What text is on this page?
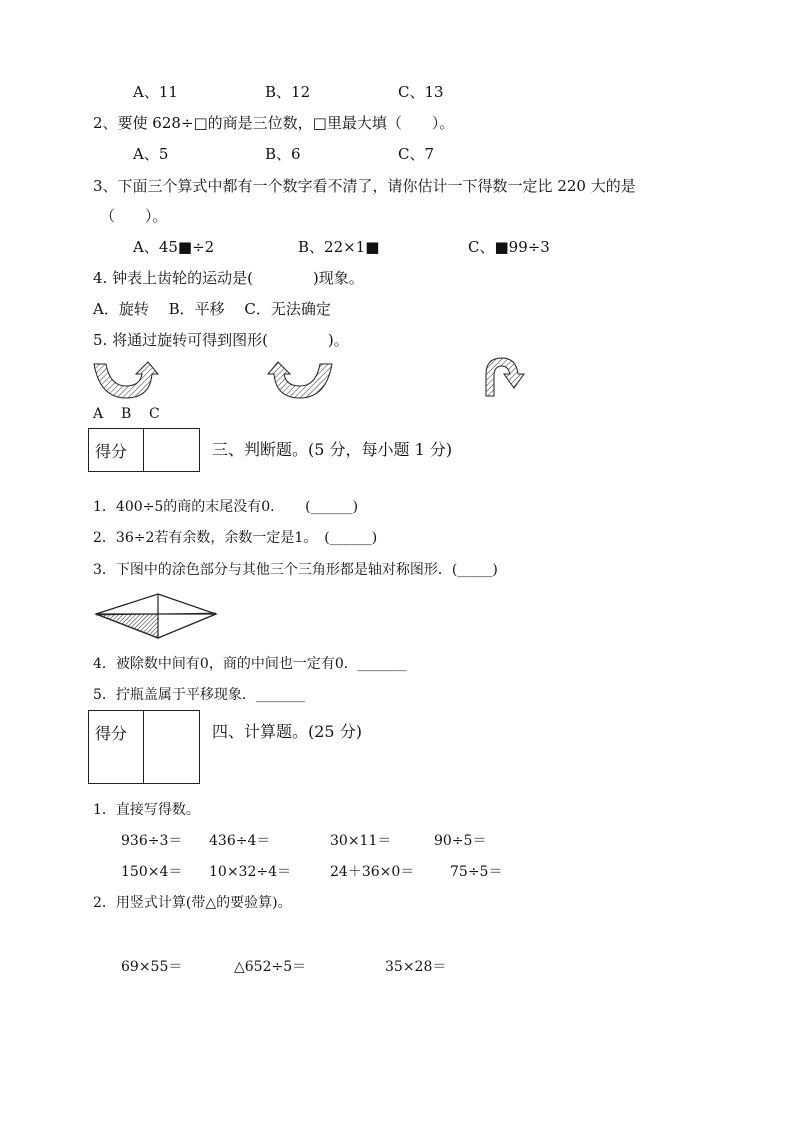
A、11	B、12	C、13
2、要使 628÷□的商是三位数，□里最大填（　　）。
A、5	B、6	C、7
3、下面三个算式中都有一个数字看不清了，请你估计一下得数一定比 220 大的是
（　　）。
A、45■÷2	B、22×1■	C、■99÷3
4. 钟表上齿轮的运动是(　　　　)现象。
A．旋转　 B．平移　 C．无法确定
5. 将通过旋转可得到图形(　　　　)。
A B C
得分	三、判断题。(5 分，每小题 1 分)
1．400÷5的商的末尾没有0．　　(______)
2．36÷2若有余数，余数一定是1。　(______)
3．下图中的涂色部分与其他三个三角形都是轴对称图形．(_____)
4．被除数中间有0，商的中间也一定有0．_______
5．拧瓶盖属于平移现象．_______
得分	四、计算题。(25 分)
1．直接写得数。
936÷3＝ 436÷4＝	30×11＝	90÷5＝
150×4＝ 10×32÷4＝	24＋36×0＝	75÷5＝
2．用竖式计算(带△的要验算)。
69×55＝	△652÷5＝	35×28＝
